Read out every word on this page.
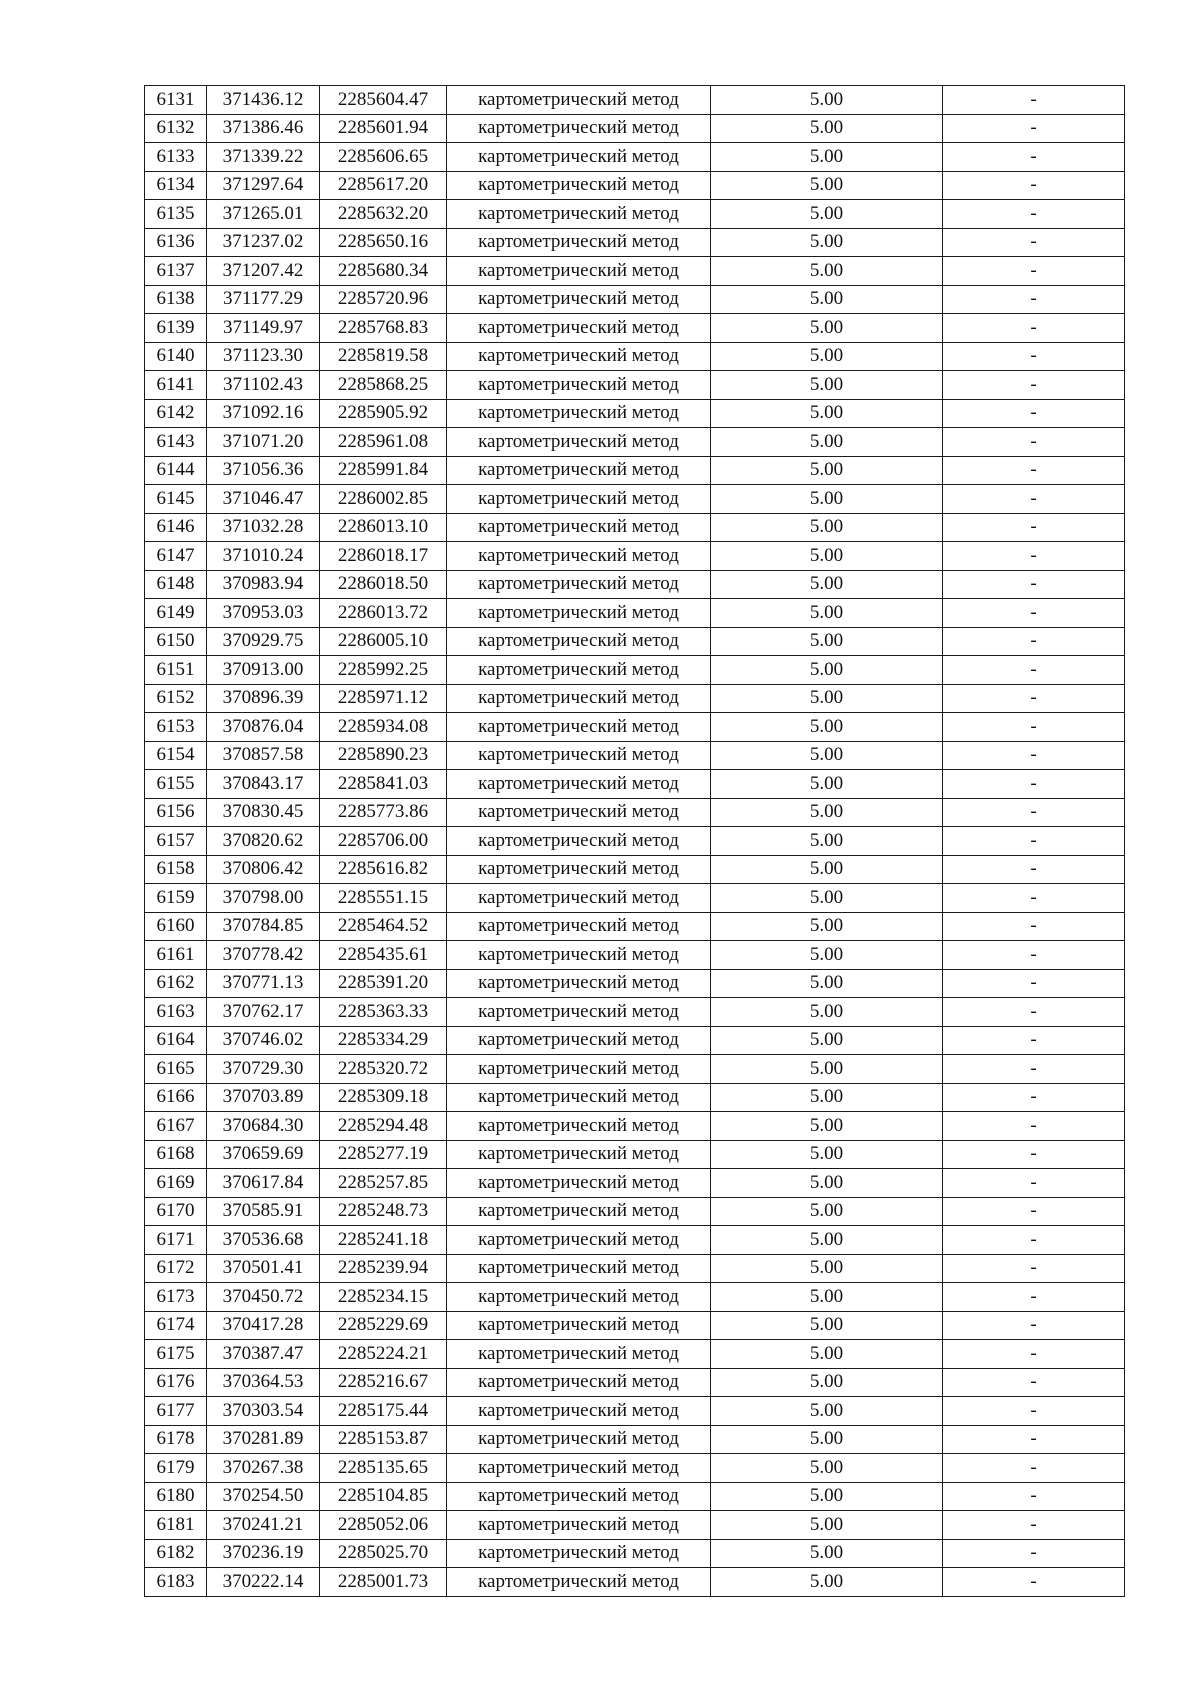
6131	371436.12	2285604.47	картометрический метод	5.00	-
6132	371386.46	2285601.94	картометрический метод	5.00	-
6133	371339.22	2285606.65	картометрический метод	5.00	-
6134	371297.64	2285617.20	картометрический метод	5.00	-
6135	371265.01	2285632.20	картометрический метод	5.00	-
6136	371237.02	2285650.16	картометрический метод	5.00	-
6137	371207.42	2285680.34	картометрический метод	5.00	-
6138	371177.29	2285720.96	картометрический метод	5.00	-
6139	371149.97	2285768.83	картометрический метод	5.00	-
6140	371123.30	2285819.58	картометрический метод	5.00	-
6141	371102.43	2285868.25	картометрический метод	5.00	-
6142	371092.16	2285905.92	картометрический метод	5.00	-
6143	371071.20	2285961.08	картометрический метод	5.00	-
6144	371056.36	2285991.84	картометрический метод	5.00	-
6145	371046.47	2286002.85	картометрический метод	5.00	-
6146	371032.28	2286013.10	картометрический метод	5.00	-
6147	371010.24	2286018.17	картометрический метод	5.00	-
6148	370983.94	2286018.50	картометрический метод	5.00	-
6149	370953.03	2286013.72	картометрический метод	5.00	-
6150	370929.75	2286005.10	картометрический метод	5.00	-
6151	370913.00	2285992.25	картометрический метод	5.00	-
6152	370896.39	2285971.12	картометрический метод	5.00	-
6153	370876.04	2285934.08	картометрический метод	5.00	-
6154	370857.58	2285890.23	картометрический метод	5.00	-
6155	370843.17	2285841.03	картометрический метод	5.00	-
6156	370830.45	2285773.86	картометрический метод	5.00	-
6157	370820.62	2285706.00	картометрический метод	5.00	-
6158	370806.42	2285616.82	картометрический метод	5.00	-
6159	370798.00	2285551.15	картометрический метод	5.00	-
6160	370784.85	2285464.52	картометрический метод	5.00	-
6161	370778.42	2285435.61	картометрический метод	5.00	-
6162	370771.13	2285391.20	картометрический метод	5.00	-
6163	370762.17	2285363.33	картометрический метод	5.00	-
6164	370746.02	2285334.29	картометрический метод	5.00	-
6165	370729.30	2285320.72	картометрический метод	5.00	-
6166	370703.89	2285309.18	картометрический метод	5.00	-
6167	370684.30	2285294.48	картометрический метод	5.00	-
6168	370659.69	2285277.19	картометрический метод	5.00	-
6169	370617.84	2285257.85	картометрический метод	5.00	-
6170	370585.91	2285248.73	картометрический метод	5.00	-
6171	370536.68	2285241.18	картометрический метод	5.00	-
6172	370501.41	2285239.94	картометрический метод	5.00	-
6173	370450.72	2285234.15	картометрический метод	5.00	-
6174	370417.28	2285229.69	картометрический метод	5.00	-
6175	370387.47	2285224.21	картометрический метод	5.00	-
6176	370364.53	2285216.67	картометрический метод	5.00	-
6177	370303.54	2285175.44	картометрический метод	5.00	-
6178	370281.89	2285153.87	картометрический метод	5.00	-
6179	370267.38	2285135.65	картометрический метод	5.00	-
6180	370254.50	2285104.85	картометрический метод	5.00	-
6181	370241.21	2285052.06	картометрический метод	5.00	-
6182	370236.19	2285025.70	картометрический метод	5.00	-
6183	370222.14	2285001.73	картометрический метод	5.00	-
